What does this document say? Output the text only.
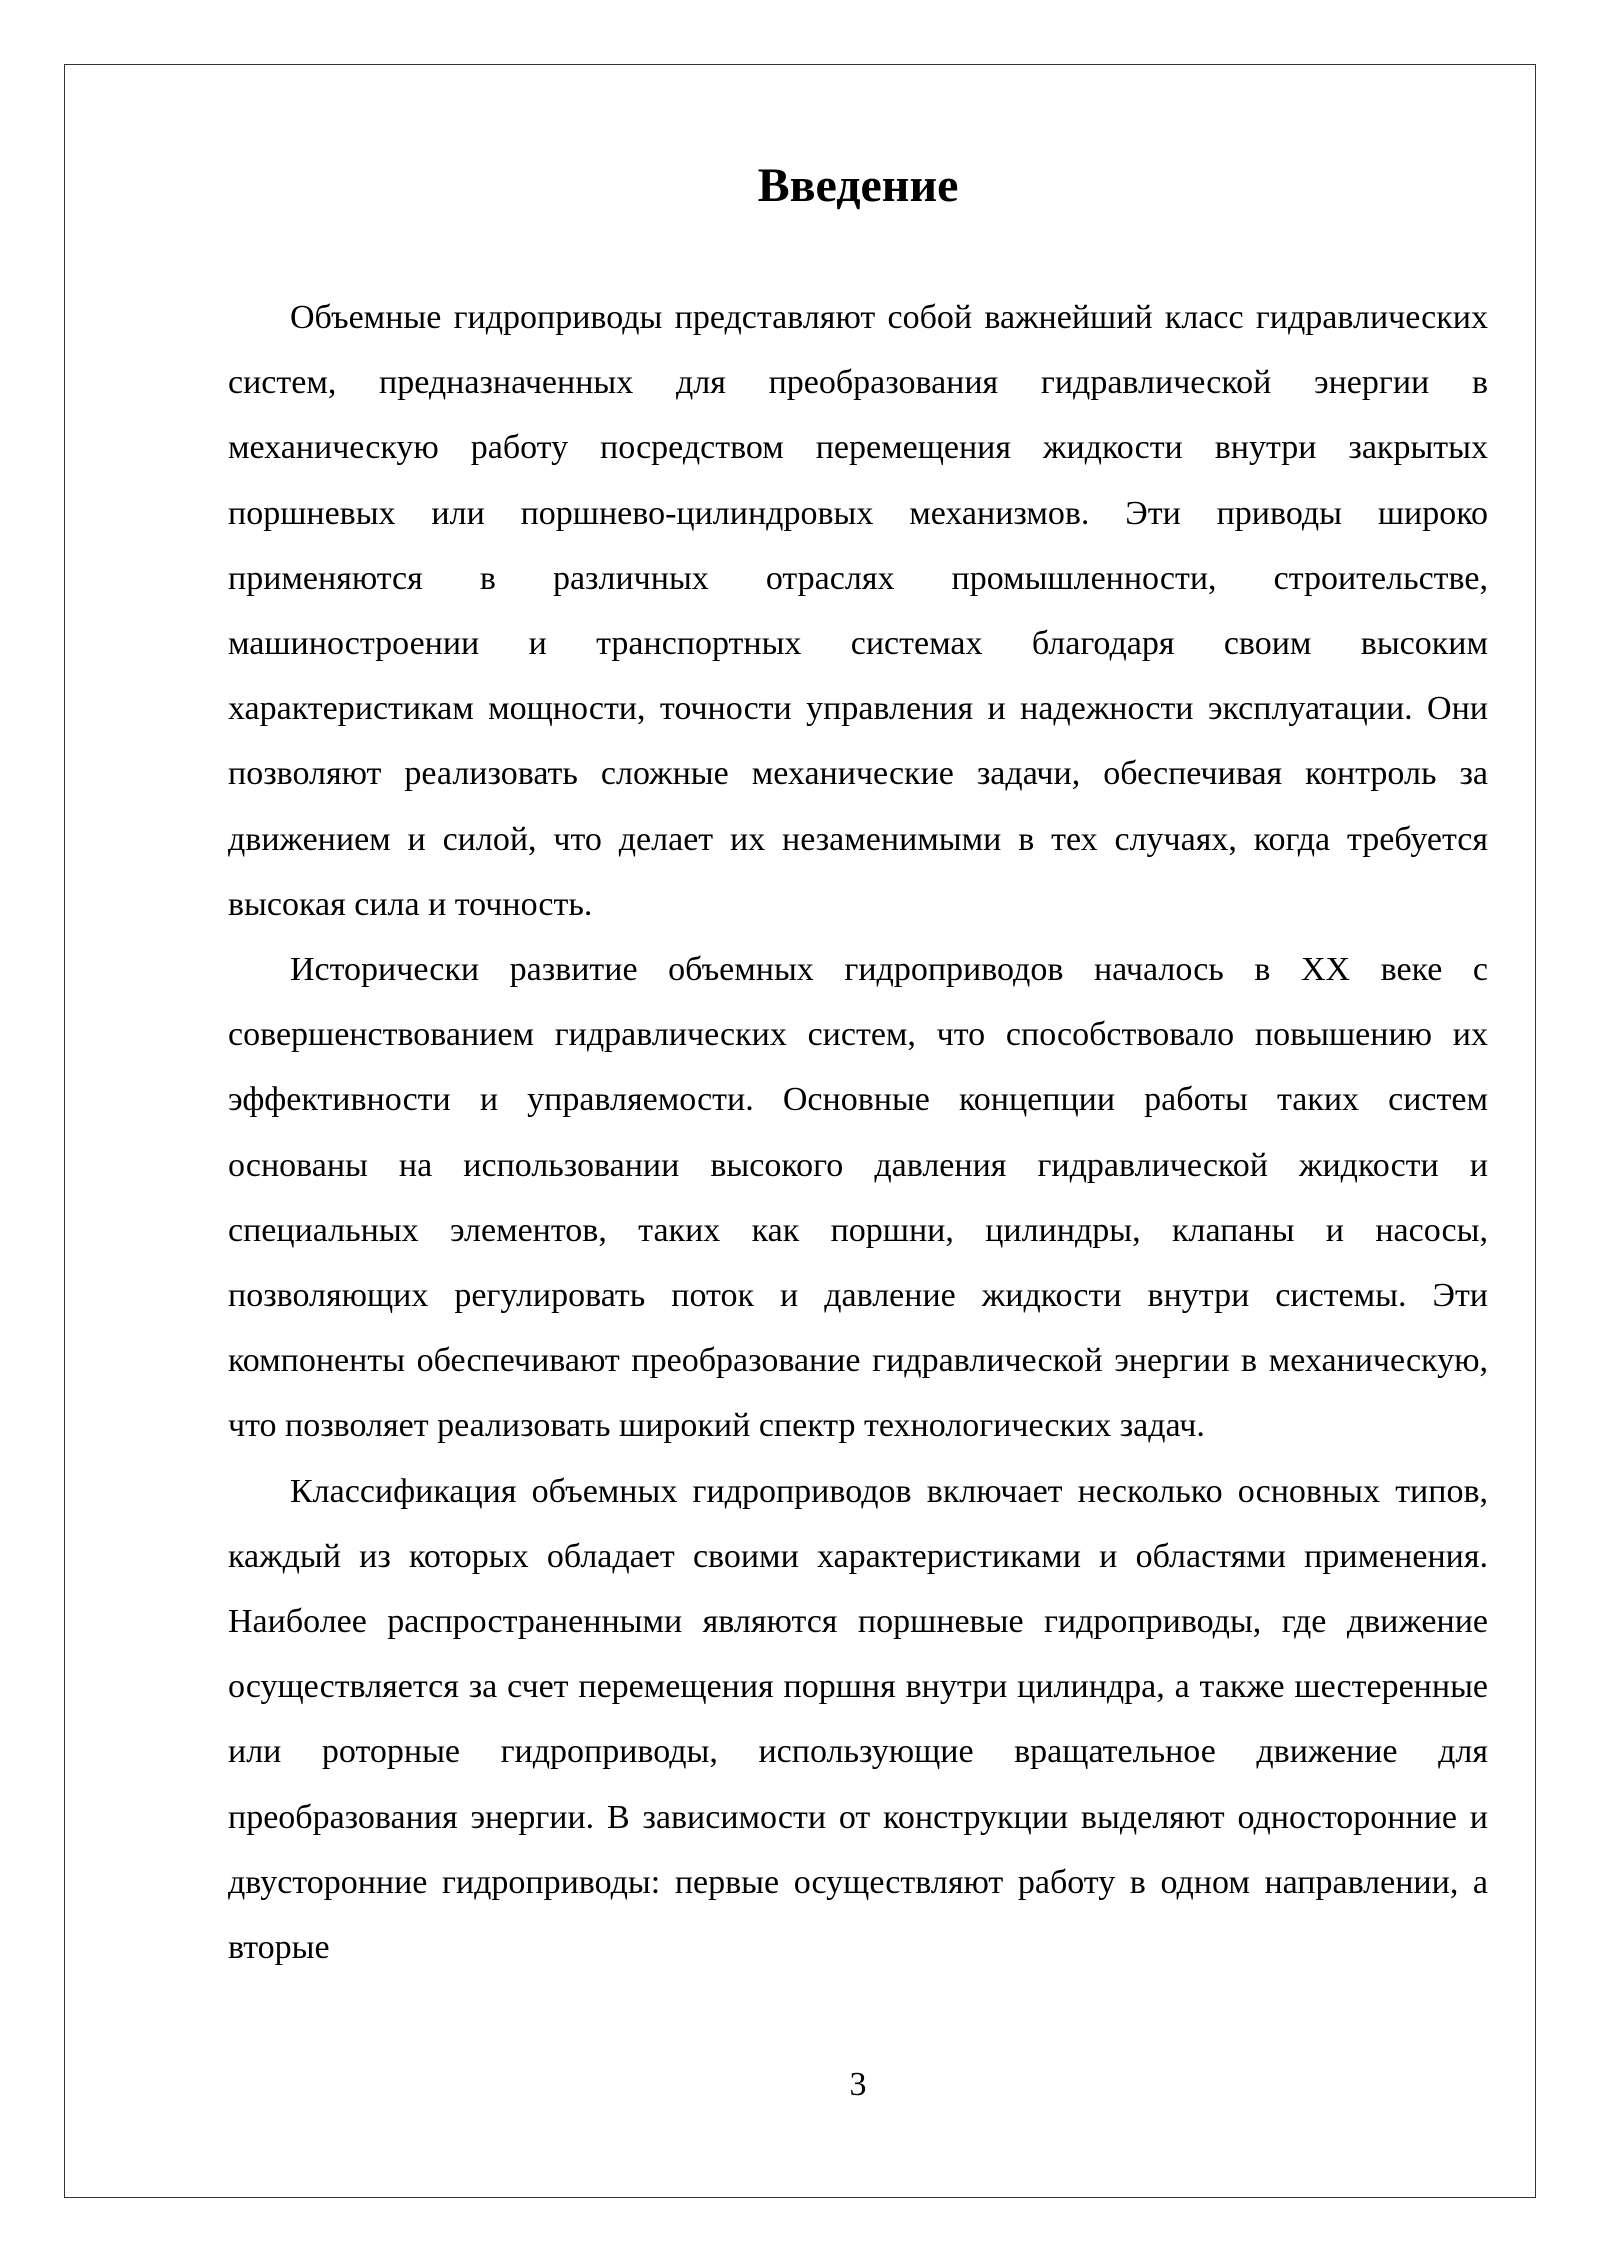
Введение

Объемные гидроприводы представляют собой важнейший класс гидравлических систем, предназначенных для преобразования гидравлической энергии в механическую работу посредством перемещения жидкости внутри закрытых поршневых или поршнево-цилиндровых механизмов. Эти приводы широко применяются в различных отраслях промышленности, строительстве, машиностроении и транспортных системах благодаря своим высоким характеристикам мощности, точности управления и надежности эксплуатации. Они позволяют реализовать сложные механические задачи, обеспечивая контроль за движением и силой, что делает их незаменимыми в тех случаях, когда требуется высокая сила и точность.

Исторически развитие объемных гидроприводов началось в XX веке с совершенствованием гидравлических систем, что способствовало повышению их эффективности и управляемости. Основные концепции работы таких систем основаны на использовании высокого давления гидравлической жидкости и специальных элементов, таких как поршни, цилиндры, клапаны и насосы, позволяющих регулировать поток и давление жидкости внутри системы. Эти компоненты обеспечивают преобразование гидравлической энергии в механическую, что позволяет реализовать широкий спектр технологических задач.

Классификация объемных гидроприводов включает несколько основных типов, каждый из которых обладает своими характеристиками и областями применения. Наиболее распространенными являются поршневые гидроприводы, где движение осуществляется за счет перемещения поршня внутри цилиндра, а также шестеренные или роторные гидроприводы, использующие вращательное движение для преобразования энергии. В зависимости от конструкции выделяют односторонние и двусторонние гидроприводы: первые осуществляют работу в одном направлении, а вторые

3
